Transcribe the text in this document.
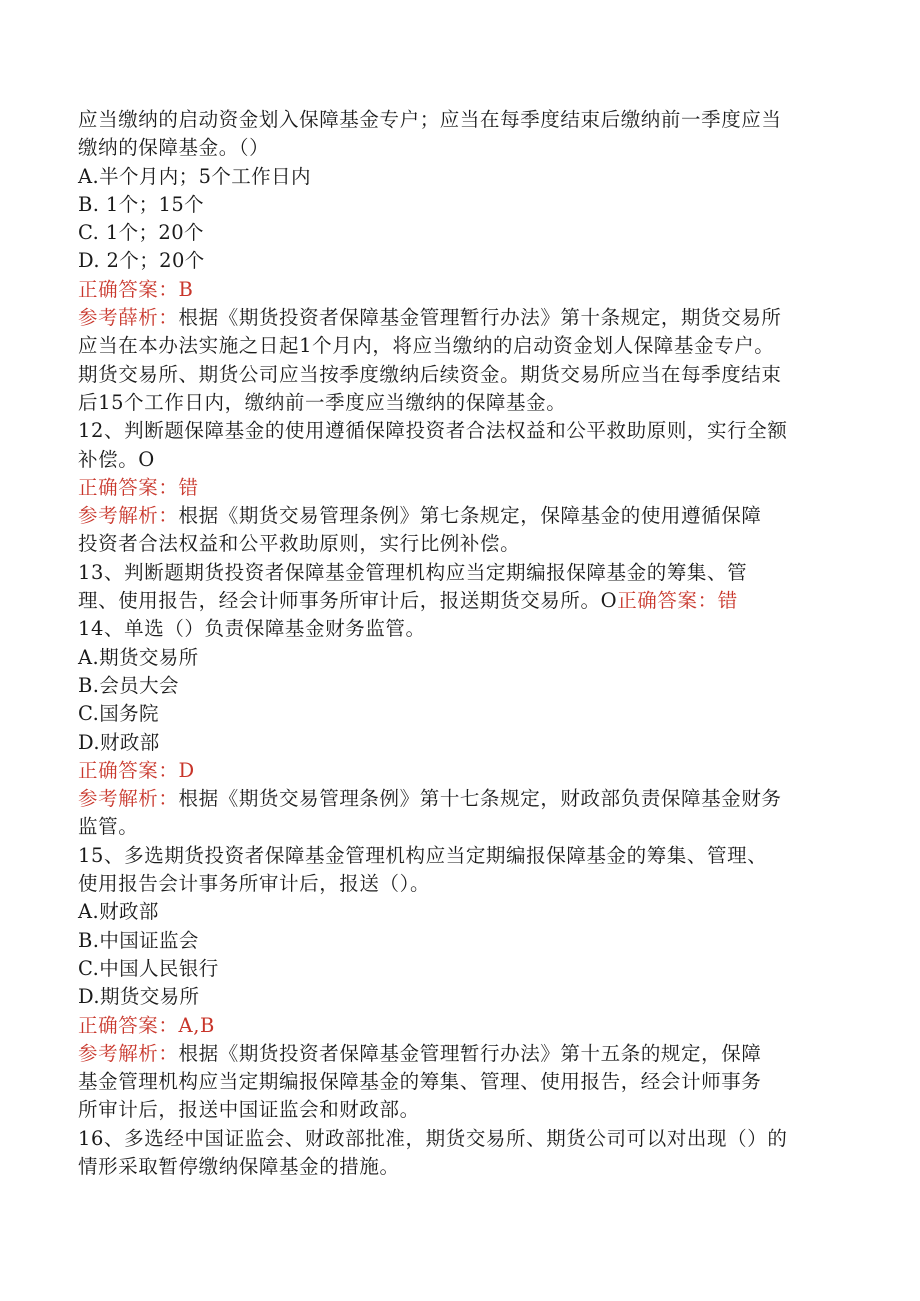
应当缴纳的启动资金划入保障基金专户；应当在每季度结束后缴纳前一季度应当
缴纳的保障基金。（）
A.半个月内；5个工作日内
B. 1个；15个
C. 1个；20个
D. 2个；20个
正确答案：B
参考薛析：根据《期货投资者保障基金管理暂行办法》第十条规定，期货交易所
应当在本办法实施之日起1个月内，将应当缴纳的启动资金划人保障基金专户。
期货交易所、期货公司应当按季度缴纳后续资金。期货交易所应当在每季度结束
后15个工作日内，缴纳前一季度应当缴纳的保障基金。
12、判断题保障基金的使用遵循保障投资者合法权益和公平救助原则，实行全额
补偿。O
正确答案：错
参考解析：根据《期货交易管理条例》第七条规定，保障基金的使用遵循保障
投资者合法权益和公平救助原则，实行比例补偿。
13、判断题期货投资者保障基金管理机构应当定期编报保障基金的筹集、管
理、使用报告，经会计师事务所审计后，报送期货交易所。O正确答案：错
14、单选（）负责保障基金财务监管。
A.期货交易所
B.会员大会
C.国务院
D.财政部
正确答案：D
参考解析：根据《期货交易管理条例》第十七条规定，财政部负责保障基金财务
监管。
15、多选期货投资者保障基金管理机构应当定期编报保障基金的筹集、管理、
使用报告会计事务所审计后，报送（）。
A.财政部
B.中国证监会
C.中国人民银行
D.期货交易所
正确答案：A,B
参考解析：根据《期货投资者保障基金管理暂行办法》第十五条的规定，保障
基金管理机构应当定期编报保障基金的筹集、管理、使用报告，经会计师事务
所审计后，报送中国证监会和财政部。
16、多选经中国证监会、财政部批准，期货交易所、期货公司可以对出现（）的
情形采取暂停缴纳保障基金的措施。
